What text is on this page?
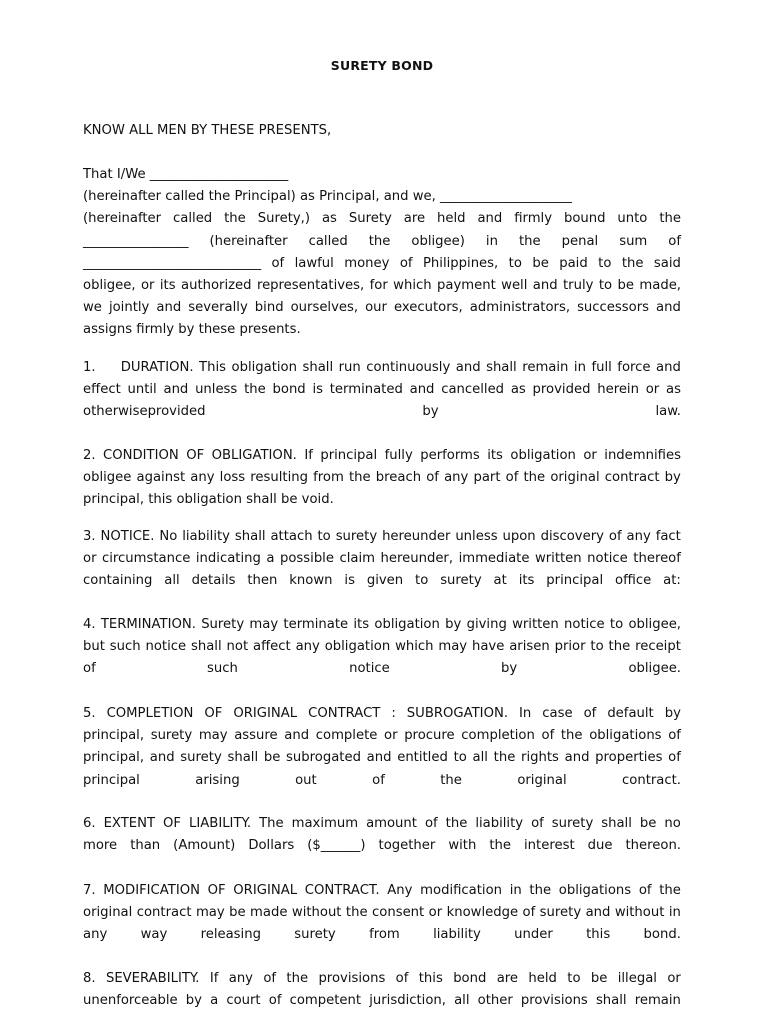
SURETY BOND

KNOW ALL MEN BY THESE PRESENTS,

That I/We _____________________
(hereinafter called the Principal) as Principal, and we, ____________________
(hereinafter called the Surety,) as Surety are held and firmly bound unto the
________________ (hereinafter called the obligee) in the penal sum of
___________________________ of lawful money of Philippines, to be paid to the said
obligee, or its authorized representatives, for which payment well and truly to be made,
we jointly and severally bind ourselves, our executors, administrators, successors and
assigns firmly by these presents.

1.      DURATION. This obligation shall run continuously and shall remain in full force and
effect until and unless the bond is terminated and cancelled as provided herein or as
otherwiseprovided	by	law.

2. CONDITION OF OBLIGATION. If principal fully performs its obligation or indemnifies
obligee against any loss resulting from the breach of any part of the original contract by
principal, this obligation shall be void.

3. NOTICE. No liability shall attach to surety hereunder unless upon discovery of any fact
or circumstance indicating a possible claim hereunder, immediate written notice thereof
containing all details then known is given to surety at its principal office at:

4. TERMINATION. Surety may terminate its obligation by giving written notice to obligee,
but such notice shall not affect any obligation which may have arisen prior to the receipt
of	such	notice	by	obligee.

5. COMPLETION OF ORIGINAL CONTRACT : SUBROGATION. In case of default by
principal, surety may assure and complete or procure completion of the obligations of
principal, and surety shall be subrogated and entitled to all the rights and properties of
principal	arising	out	of	the	original	contract.

6. EXTENT OF LIABILITY. The maximum amount of the liability of surety shall be no
more than (Amount) Dollars ($______) together with the interest due thereon.

7. MODIFICATION OF ORIGINAL CONTRACT. Any modification in the obligations of the
original contract may be made without the consent or knowledge of surety and without in
any	way	releasing	surety	from	liability	under	this	bond.

8. SEVERABILITY. If any of the provisions of this bond are held to be illegal or
unenforceable by a court of competent jurisdiction, all other provisions shall remain
